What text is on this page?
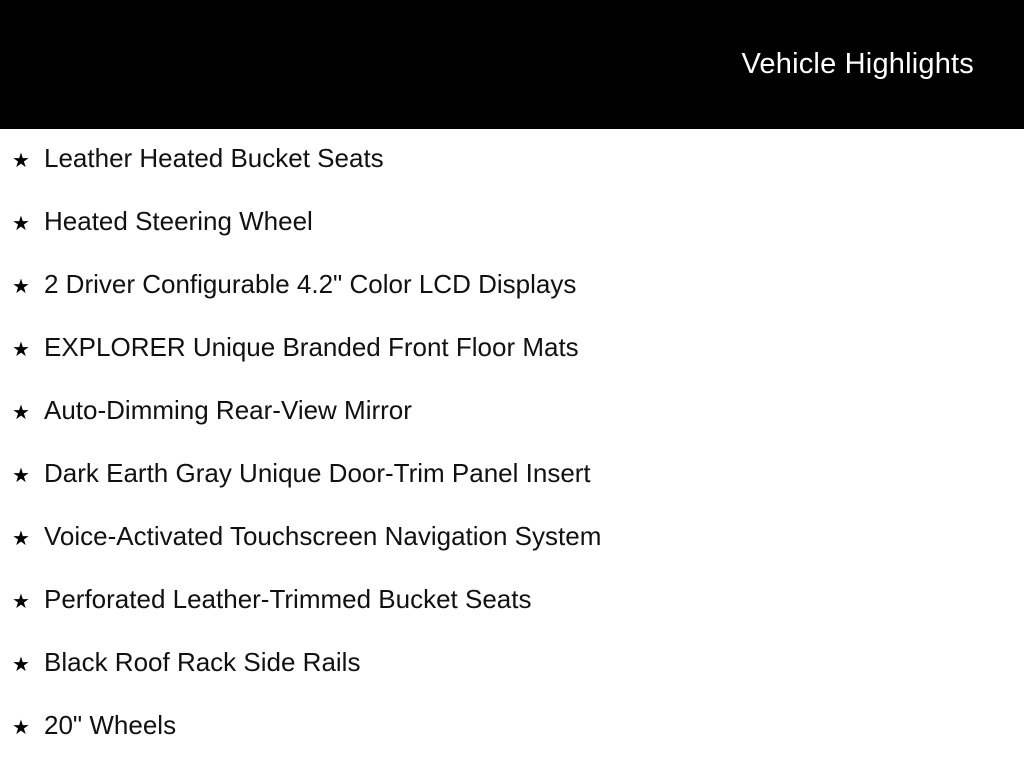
Vehicle Highlights
★ Leather Heated Bucket Seats
★ Heated Steering Wheel
★ 2 Driver Configurable 4.2" Color LCD Displays
★ EXPLORER Unique Branded Front Floor Mats
★ Auto-Dimming Rear-View Mirror
★ Dark Earth Gray Unique Door-Trim Panel Insert
★ Voice-Activated Touchscreen Navigation System
★ Perforated Leather-Trimmed Bucket Seats
★ Black Roof Rack Side Rails
★ 20" Wheels
